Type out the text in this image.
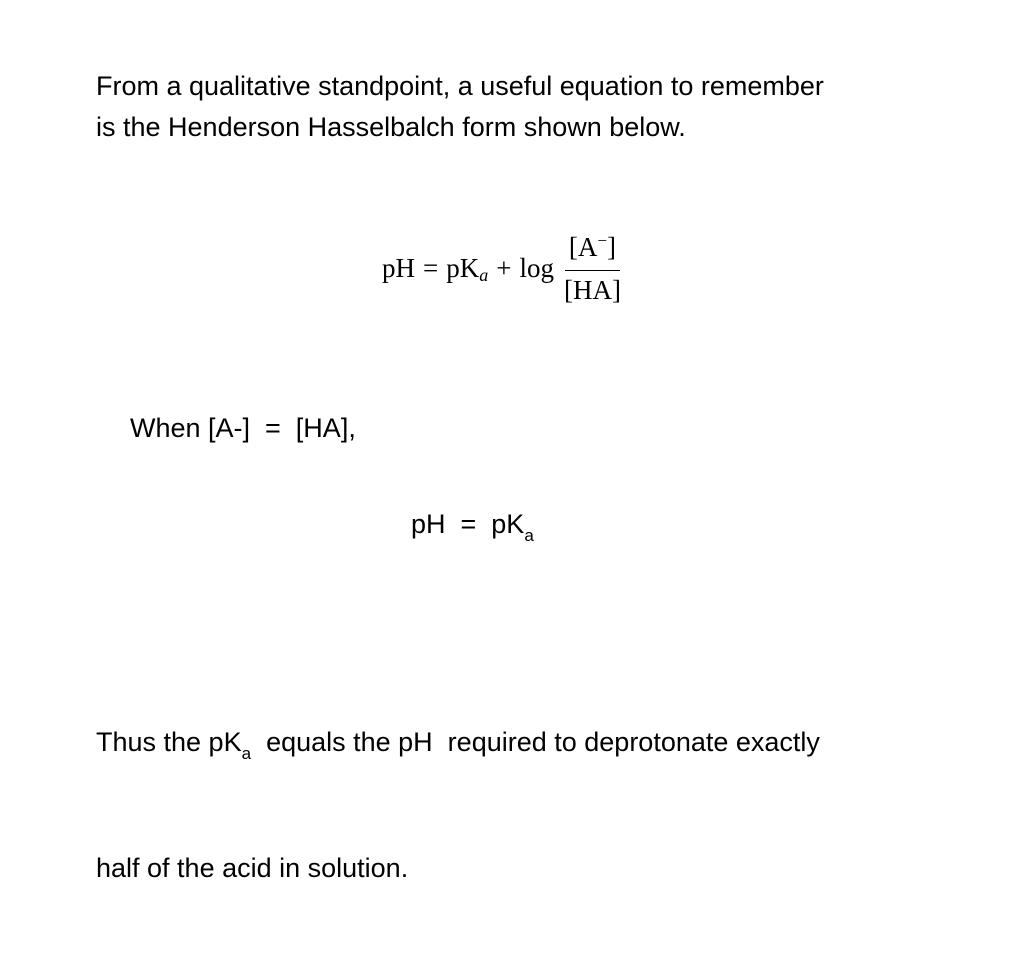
From a qualitative standpoint, a useful equation to remember
is the Henderson Hasselbalch form shown below.
pH = pK $a + \log \frac{[A^-]}{[HA]}$
When [A-]  =  [HA],
pH  =  $pK_a$

Thus the $pK_a$  equals the pH  required to deprotonate exactly

half of the acid in solution.
